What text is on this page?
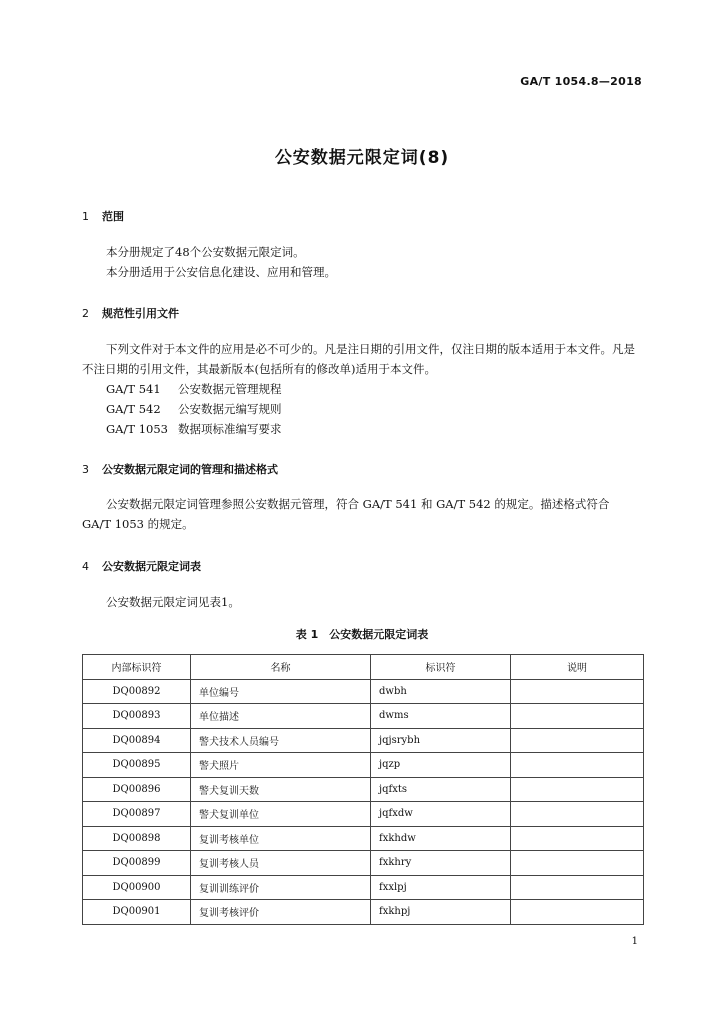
GA/T 1054.8—2018
公安数据元限定词(8)
1 范围

本分册规定了48个公安数据元限定词。

本分册适用于公安信息化建设、应用和管理。

2 规范性引用文件

下列文件对于本文件的应用是必不可少的。凡是注日期的引用文件，仅注日期的版本适用于本文件。凡是不注日期的引用文件，其最新版本(包括所有的修改单)适用于本文件。

GA/T 541 公安数据元管理规程

GA/T 542 公安数据元编写规则

GA/T 1053 数据项标准编写要求

3 公安数据元限定词的管理和描述格式

公安数据元限定词管理参照公安数据元管理，符合 GA/T 541 和 GA/T 542 的规定。描述格式符合 GA/T 1053 的规定。

4 公安数据元限定词表

公安数据元限定词见表1。

表 1　公安数据元限定词表
内部标识符	名称	标识符	说明
DQ00892	单位编号	dwbh	
DQ00893	单位描述	dwms	
DQ00894	警犬技术人员编号	jqjsrybh	
DQ00895	警犬照片	jqzp	
DQ00896	警犬复训天数	jqfxts	
DQ00897	警犬复训单位	jqfxdw	
DQ00898	复训考核单位	fxkhdw	
DQ00899	复训考核人员	fxkhry	
DQ00900	复训训练评价	fxxlpj	
DQ00901	复训考核评价	fxkhpj	
1
